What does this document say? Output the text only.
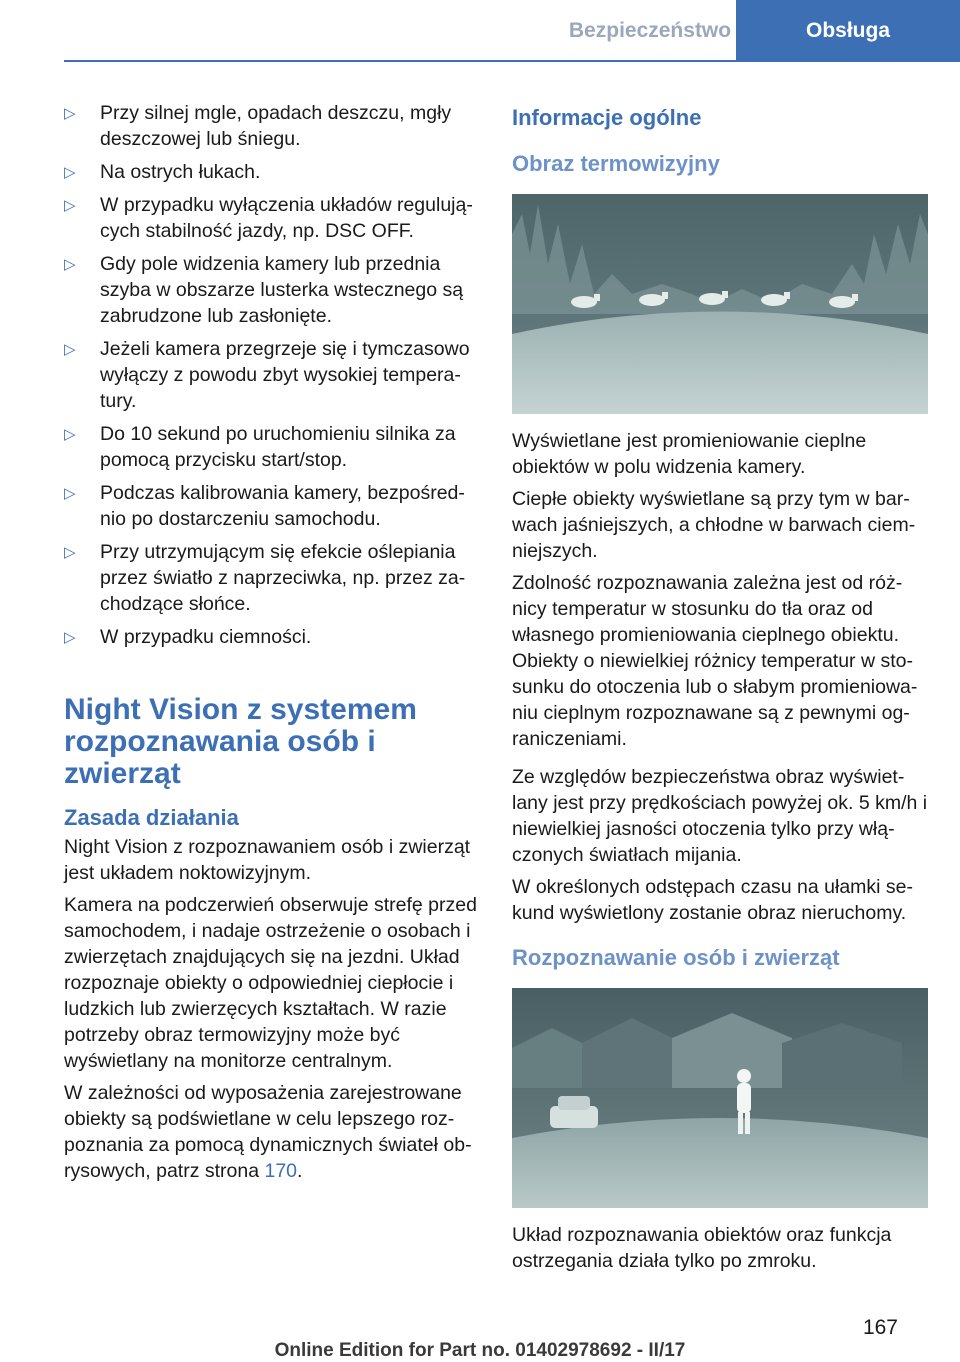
Bezpieczeństwo	Obsługa
▷ Przy silnej mgle, opadach deszczu, mgły deszczowej lub śniegu.
▷ Na ostrych łukach.
▷ W przypadku wyłączenia układów regulujących stabilność jazdy, np. DSC OFF.
▷ Gdy pole widzenia kamery lub przednia szyba w obszarze lusterka wstecznego są zabrudzone lub zasłonięte.
▷ Jeżeli kamera przegrzeje się i tymczasowo wyłączy z powodu zbyt wysokiej temperatury.
▷ Do 10 sekund po uruchomieniu silnika za pomocą przycisku start/stop.
▷ Podczas kalibrowania kamery, bezpośrednio po dostarczeniu samochodu.
▷ Przy utrzymującym się efekcie oślepiania przez światło z naprzeciwka, np. przez zachodzące słońce.
▷ W przypadku ciemności.
Night Vision z systemem rozpoznawania osób i zwierząt
Zasada działania

Night Vision z rozpoznawaniem osób i zwierząt jest układem noktowizyjnym.

Kamera na podczerwień obserwuje strefę przed samochodem, i nadaje ostrzeżenie o osobach i zwierzętach znajdujących się na jezdni. Układ rozpoznaje obiekty o odpowiedniej ciepłocie i ludzkich lub zwierzęcych kształtach. W razie potrzeby obraz termowizyjny może być wyświetlany na monitorze centralnym.

W zależności od wyposażenia zarejestrowane obiekty są podświetlane w celu lepszego rozpoznania za pomocą dynamicznych świateł obrysowych, patrz strona 170.

Informacje ogólne
Obraz termowizyjny

Wyświetlane jest promieniowanie cieplne obiektów w polu widzenia kamery.

Ciepłe obiekty wyświetlane są przy tym w barwach jaśniejszych, a chłodne w barwach ciemniejszych.

Zdolność rozpoznawania zależna jest od różnicy temperatur w stosunku do tła oraz od własnego promieniowania cieplnego obiektu. Obiekty o niewielkiej różnicy temperatur w stosunku do otoczenia lub o słabym promieniowaniu cieplnym rozpoznawane są z pewnymi ograniczeniami.

Ze względów bezpieczeństwa obraz wyświetlany jest przy prędkościach powyżej ok. 5 km/h i niewielkiej jasności otoczenia tylko przy włączonych światłach mijania.

W określonych odstępach czasu na ułamki sekund wyświetlony zostanie obraz nieruchomy.

Rozpoznawanie osób i zwierząt

Układ rozpoznawania obiektów oraz funkcja ostrzegania działa tylko po zmroku.

167
Online Edition for Part no. 01402978692 - II/17
